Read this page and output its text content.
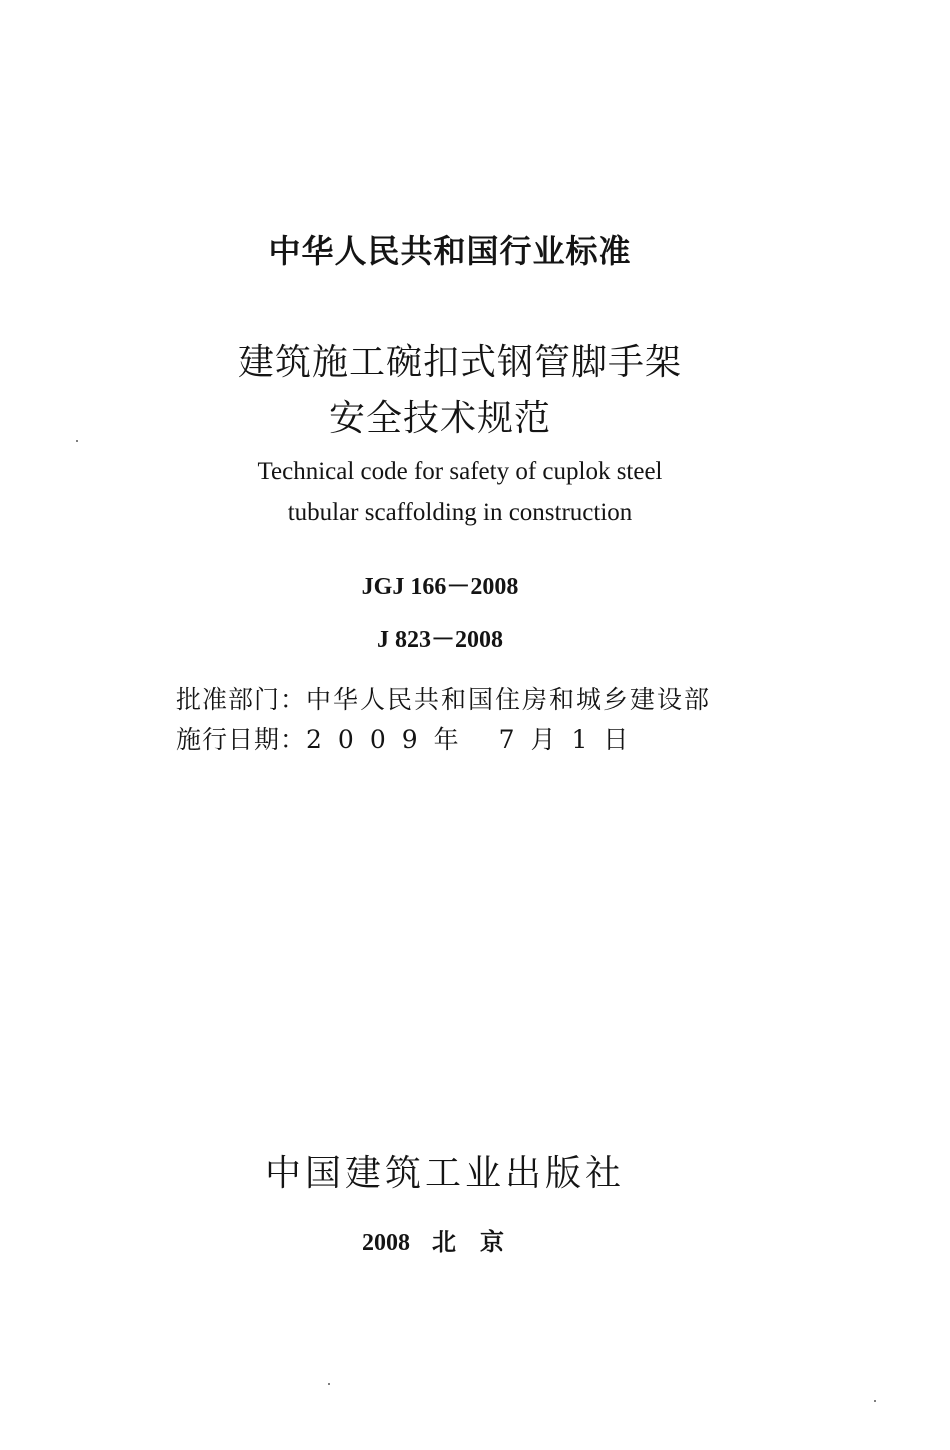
中华人民共和国行业标准
建筑施工碗扣式钢管脚手架
安全技术规范
Technical code for safety of cuplok steel
tubular scaffolding in construction
JGJ 166－2008
J 823－2008
批准部门： 中华人民共和国住房和城乡建设部
施行日期： 2009年 7月1日
中国建筑工业出版社
2008 北京
